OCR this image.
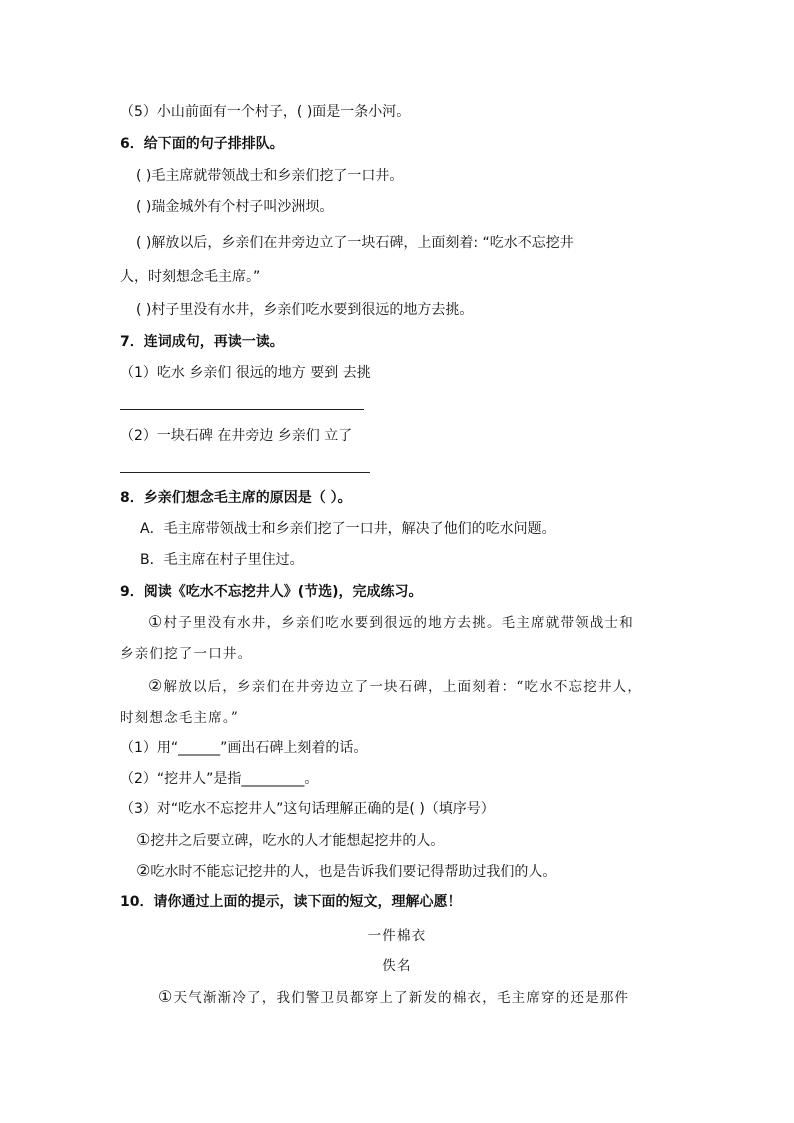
（5）小山前面有一个村子，( )面是一条小河。
6．给下面的句子排排队。
( )毛主席就带领战士和乡亲们挖了一口井。
( )瑞金城外有个村子叫沙洲坝。
( )解放以后，乡亲们在井旁边立了一块石碑，上面刻着: “吃水不忘挖井
人，时刻想念毛主席。”
( )村子里没有水井，乡亲们吃水要到很远的地方去挑。
7．连词成句，再读一读。
（1）吃水 乡亲们 很远的地方 要到 去挑
（2）一块石碑 在井旁边 乡亲们 立了
8．乡亲们想念毛主席的原因是（ ）。
A．毛主席带领战士和乡亲们挖了一口井，解决了他们的吃水问题。
B．毛主席在村子里住过。
9．阅读《吃水不忘挖井人》(节选)，完成练习。
①村子里没有水井，乡亲们吃水要到很远的地方去挑。毛主席就带领战士和
乡亲们挖了一口井。
②解放以后，乡亲们在井旁边立了一块石碑，上面刻着：“吃水不忘挖井人，
时刻想念毛主席。”
（1）用“______”画出石碑上刻着的话。
（2）“挖井人”是指_________。
（3）对“吃水不忘挖井人”这句话理解正确的是( )（填序号）
①挖井之后要立碑，吃水的人才能想起挖井的人。
②吃水时不能忘记挖井的人，也是告诉我们要记得帮助过我们的人。
10．请你通过上面的提示，读下面的短文，理解心愿！
一件棉衣
佚名
①天气渐渐冷了，我们警卫员都穿上了新发的棉衣，毛主席穿的还是那件
